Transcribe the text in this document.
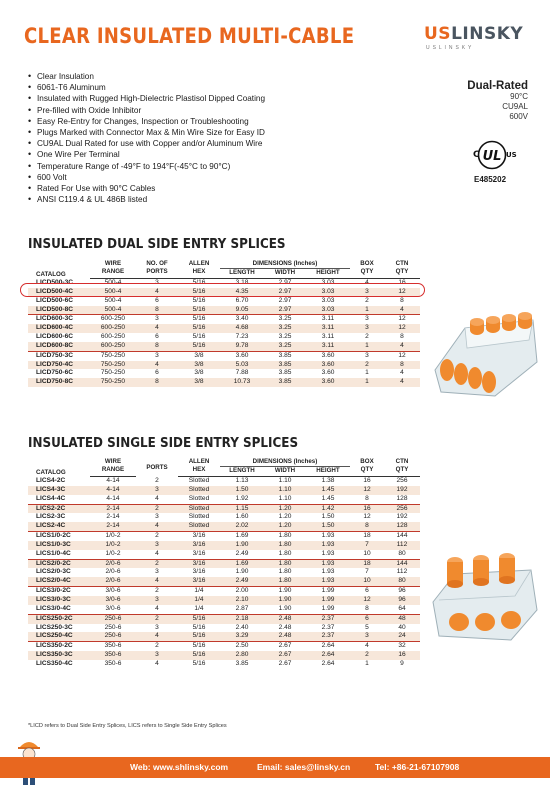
CLEAR INSULATED MULTI-CABLE	USLINSKY
U S L I N S K Y
• Clear Insulation
• 6061-T6 Aluminum
• Insulated with Rugged High-Dielectric Plastisol Dipped Coating
• Pre-filled with Oxide Inhibitor
• Easy Re-Entry for Changes, Inspection or Troubleshooting
• Plugs Marked with Connector Max & Min Wire Size for Easy ID
• CU9AL Dual Rated for use with Copper and/or Aluminum Wire
• One Wire Per Terminal
• Temperature Range of -49°F to 194°F(-45°C to 90°C)
• 600 Volt
• Rated For Use with 90°C Cables
• ANSI C119.4 & UL 486B listed
Dual-Rated
90°C
CU9AL
600V
UL
C	US
E485202
INSULATED DUAL SIDE ENTRY SPLICES
CATALOG	WIRE	NO. OF	ALLEN	DIMENSIONS (Inches)			BOX	CTN
	RANGE	PORTS	HEX	LENGTH	WIDTH	HEIGHT	QTY	QTY
LICD500-3C	500-4	3	5/16	3.18	2.97	3.03	4	16
LICD500-4C	500-4	4	5/16	4.35	2.97	3.03	3	12
LICD500-6C	500-4	6	5/16	6.70	2.97	3.03	2	8
LICD500-8C	500-4	8	5/16	9.05	2.97	3.03	1	4
LICD600-3C	600-250	3	5/16	3.40	3.25	3.11	3	12
LICD600-4C	600-250	4	5/16	4.68	3.25	3.11	3	12
LICD600-6C	600-250	6	5/16	7.23	3.25	3.11	2	8
LICD600-8C	600-250	8	5/16	9.78	3.25	3.11	1	4
LICD750-3C	750-250	3	3/8	3.60	3.85	3.60	3	12
LICD750-4C	750-250	4	3/8	5.03	3.85	3.60	2	8
LICD750-6C	750-250	6	3/8	7.88	3.85	3.60	1	4
LICD750-8C	750-250	8	3/8	10.73	3.85	3.60	1	4
INSULATED SINGLE SIDE ENTRY SPLICES
CATALOG	WIRE	PORTS	ALLEN	DIMENSIONS (Inches)			BOX	CTN
	RANGE		HEX	LENGTH	WIDTH	HEIGHT	QTY	QTY
LICS4-2C	4-14	2	Slotted	1.13	1.10	1.38	16	256
LICS4-3C	4-14	3	Slotted	1.50	1.10	1.45	12	192
LICS4-4C	4-14	4	Slotted	1.92	1.10	1.45	8	128
LICS2-2C	2-14	2	Slotted	1.15	1.20	1.42	16	256
LICS2-3C	2-14	3	Slotted	1.60	1.20	1.50	12	192
LICS2-4C	2-14	4	Slotted	2.02	1.20	1.50	8	128
LICS1/0-2C	1/0-2	2	3/16	1.69	1.80	1.93	18	144
LICS1/0-3C	1/0-2	3	3/16	1.90	1.80	1.93	7	112
LICS1/0-4C	1/0-2	4	3/16	2.49	1.80	1.93	10	80
LICS2/0-2C	2/0-6	2	3/16	1.69	1.80	1.93	18	144
LICS2/0-3C	2/0-6	3	3/16	1.90	1.80	1.93	7	112
LICS2/0-4C	2/0-6	4	3/16	2.49	1.80	1.93	10	80
LICS3/0-2C	3/0-6	2	1/4	2.00	1.90	1.99	6	96
LICS3/0-3C	3/0-6	3	1/4	2.10	1.90	1.99	12	96
LICS3/0-4C	3/0-6	4	1/4	2.87	1.90	1.99	8	64
LICS250-2C	250-6	2	5/16	2.18	2.48	2.37	6	48
LICS250-3C	250-6	3	5/16	2.40	2.48	2.37	5	40
LICS250-4C	250-6	4	5/16	3.29	2.48	2.37	3	24
LICS350-2C	350-6	2	5/16	2.50	2.67	2.64	4	32
LICS350-3C	350-6	3	5/16	2.80	2.67	2.64	2	16
LICS350-4C	350-6	4	5/16	3.85	2.67	2.64	1	9
*LICD refers to Dual Side Entry Splices, LICS refers to Single Side Entry Splices
Web: www.shlinsky.com	Email: sales@linsky.cn	Tel: +86-21-67107908
